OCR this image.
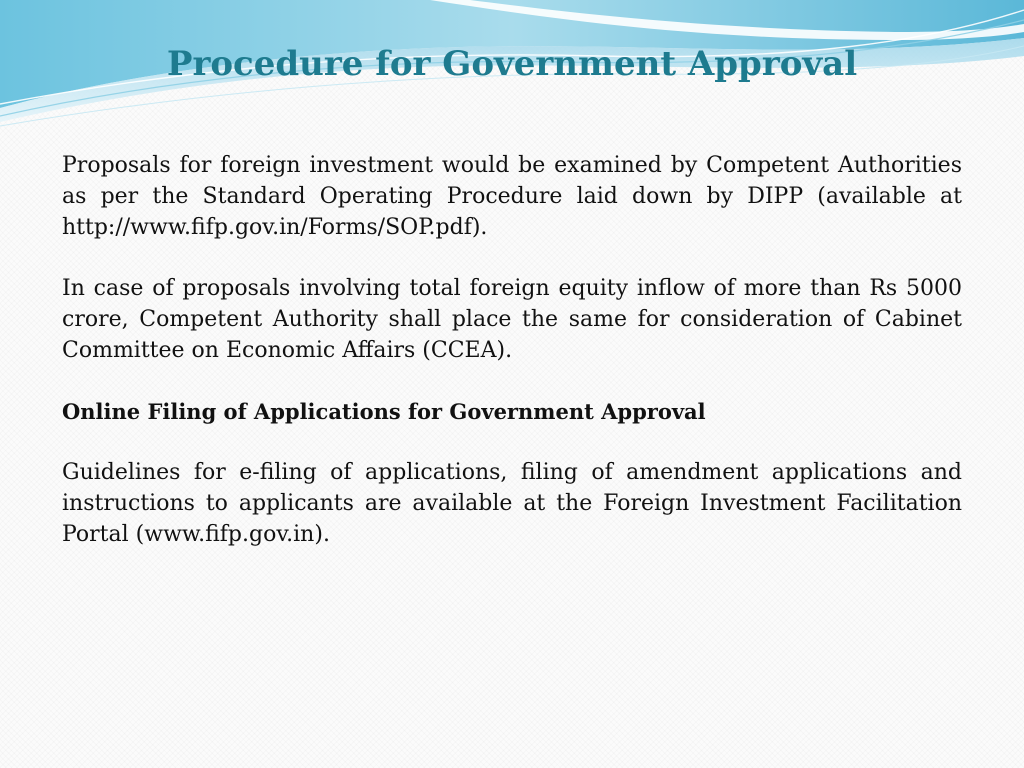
Procedure for Government Approval

Proposals for foreign investment would be examined by Competent Authorities as per the Standard Operating Procedure laid down by DIPP (available at http://www.fifp.gov.in/Forms/SOP.pdf).

In case of proposals involving total foreign equity inflow of more than Rs 5000 crore, Competent Authority shall place the same for consideration of Cabinet Committee on Economic Affairs (CCEA).

Online Filing of Applications for Government Approval

Guidelines for e-filing of applications, filing of amendment applications and instructions to applicants are available at the Foreign Investment Facilitation Portal (www.fifp.gov.in).
